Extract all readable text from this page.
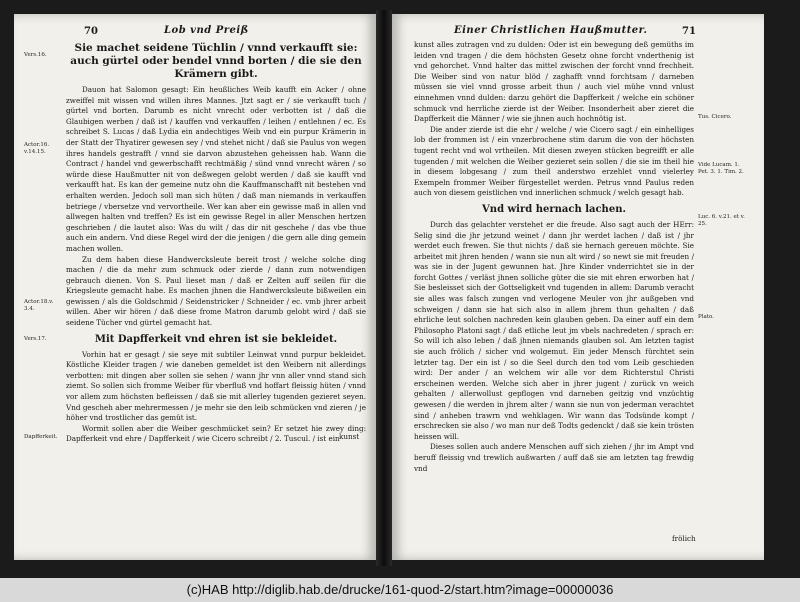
70	Lob vnd Preiß
Vers.16.
Actor.16. v.14.15.
Actor.18.v. 3.4.
Vers.17.
Dapfferkeit.
Sie machet seidene Tüchlin / vnnd verkaufft sie: auch gürtel oder bendel vnnd borten / die sie den Krämern gibt.

Dauon hat Salomon gesagt: Ein heußliches Weib kaufft ein Acker / ohne zweiffel mit wissen vnd willen ihres Mannes. Jtzt sagt er / sie verkaufft tuch / gürtel vnd borten. Darumb es nicht vnrecht oder verbotten ist / daß die Glaubigen werben / daß ist / kauffen vnd verkauffen / leihen / entlehnen / ec. Es schreibet S. Lucas / daß Lydia ein andechtiges Weib vnd ein purpur Krämerin in der Statt der Thyatirer gewesen sey / vnd stehet nicht / daß sie Paulus von wegen ihres handels gestrafft / vnnd sie darvon abzustehen geheissen hab. Wann die Contract / handel vnd gewerbschafft rechtmäßig / sünd vnnd vnrecht wären / so würde diese Haußmutter nit von deßwegen gelobt werden / daß sie kaufft vnd verkaufft hat. Es kan der gemeine nutz ohn die Kauffmanschafft nit bestehen vnd erhalten werden. Jedoch soll man sich hüten / daß man niemands in verkauffen betriege / vbersetze vnd vervortheile. Wer kan aber ein gewisse maß in allen vnd allwegen halten vnd treffen? Es ist ein gewisse Regel in aller Menschen hertzen geschrieben / die lautet also: Was du wilt / das dir nit geschehe / das vbe thue auch ein andern. Vnd diese Regel wird der die jenigen / die gern alle ding gemein machen wollen.

Zu dem haben diese Handwercksleute bereit trost / welche solche ding machen / die da mehr zum schmuck oder zierde / dann zum notwendigen gebrauch dienen. Von S. Paul lieset man / daß er Zelten auff seilen für die Kriegsleute gemacht habe. Es machen jhnen die Handwercksleute bißweilen ein gewissen / als die Goldschmid / Seidenstricker / Schneider / ec. vmb jhrer arbeit willen. Aber wir hören / daß diese frome Matron darumb gelobt wird / daß sie seidene Tücher vnd gürtel gemacht hat.

Mit Dapfferkeit vnd ehren ist sie bekleidet.

Vorhin hat er gesagt / sie seye mit subtiler Leinwat vnnd purpur bekleidet. Köstliche Kleider tragen / wie daneben gemeldet ist den Weibern nit allerdings verbotten: mit dingen aber sollen sie sehen / wann jhr vnn aller vnnd stand sich ziemt. So sollen sich fromme Weiber für vberfluß vnd hoffart fleissig hüten / vnnd vor allem zum höchsten befleissen / daß sie mit allerley tugenden gezieret seyen. Vnd gescheh aber mehrermessen / je mehr sie den leib schmücken vnd zieren / je höher vnd trostlicher das gemüt ist.

Wormit sollen aber die Weiber geschmücket sein? Er setzet hie zwey ding: Dapfferkeit vnd ehre / Dapfferkeit / wie Cicero schreibt / 2. Tuscul. / ist ein kunst
Einer Christlichen Haußmutter.	71
Tus. Cicero.
Vide Lucam. 1. Pet. 3. 1. Tim. 2.
Luc. 6. v.21. et v. 25.
Plato.

kunst alles zutragen vnd zu dulden: Oder ist ein bewegung deß gemüths im leiden vnd tragen / die dem höchsten Gesetz ohne forcht vnderthenig ist vnd gehorchet. Vnnd halter das mittel zwischen der forcht vnnd frechheit. Die Weiber sind von natur blöd / zaghafft vnnd forchtsam / darneben müssen sie viel vnnd grosse arbeit thun / auch viel mühe vnnd vnlust einnehmen vnnd dulden: darzu gehört die Dapfferkeit / welche ein schöner schmuck vnd herrliche zierde ist der Weiber. Insonderheit aber zieret die Dapfferkeit die Männer / wie sie jhnen auch hochnötig ist.

Die ander zierde ist die ehr / welche / wie Cicero sagt / ein einhelliges lob der frommen ist / ein vnzerbrochene stim darum die von der höchsten tugent recht vnd wol vrtheilen. Mit diesen zweyen stücken begreifft er alle tugenden / mit welchen die Weiber gezieret sein sollen / die sie im theil hie in diesem lobgesang / zum theil anderstwo erzehlet vnnd vielerley Exempeln frommer Weiber fürgestellet werden. Petrus vnnd Paulus reden auch von diesem geistlichen vnd innerlichen schmuck / welch gesagt hab.

Vnd wird hernach lachen.

Durch das gelachter verstehet er die freude. Also sagt auch der HErr: Selig sind die jhr jetzund weinet / dann jhr werdet lachen / daß ist / jhr werdet euch frewen. Sie thut nichts / daß sie hernach gereuen möchte. Sie arbeitet mit jhren henden / wann sie nun alt wird / so newt sie mit freuden / was sie in der Jugent gewunnen hat. Jhre Kinder vnderrichtet sie in der forcht Gottes / verläst jhnen solliche güter die sie mit ehren erworben hat / Sie besleisset sich der Gottseligkeit vnd tugenden in allem: Darumb veracht sie alles was falsch zungen vnd verlogene Meuler von jhr außgeben vnd schweigen / dann sie hat sich also in allem jhrem thun gehalten / daß ehrliche leut solchen nachreden kein glauben geben. Da einer auff ein dem Philosopho Platoni sagt / daß etliche leut jm vbels nachredeten / sprach er: So will ich also leben / daß jhnen niemands glauben sol. Am letzten tagist sie auch frölich / sicher vnd wolgemut. Ein jeder Mensch fürchtet sein letzter tag. Der ein ist / so die Seel durch den tod vom Leib geschieden wird: Der ander / an welchem wir alle vor dem Richterstul Christi erscheinen werden. Welche sich aber in jhrer jugent / zurück vn weich gehalten / allerwollust gepflogen vnd darneben geitzig vnd vnzüchtig gewesen / die werden in jhrem alter / wann sie nun von jederman verachtet sind / anheben trawrn vnd wehklagen. Wir wann das Todsünde kompt / erschrecken sie also / wo man nur deß Todts gedenckt / daß sie kein trösten heissen will.

Dieses sollen auch andere Menschen auff sich ziehen / jhr im Ampt vnd beruff fleissig vnd trewlich außwarten / auff daß sie am letzten tag frewdig vnd

frölich
(c)HAB http://diglib.hab.de/drucke/161-quod-2/start.htm?image=00000036
